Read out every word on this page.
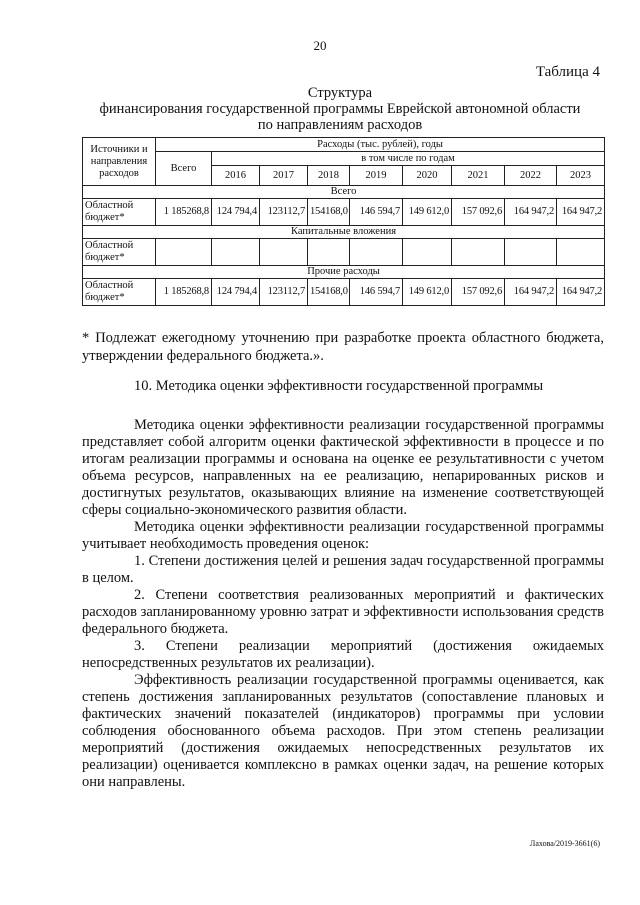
20
Таблица 4
Структура
финансирования государственной программы Еврейской автономной области
по направлениям расходов
Источники и направления расходов	Расходы (тыс. рублей), годы								
	Всего	в том числе по годам							
		2016	2017	2018	2019	2020	2021	2022	2023
Всего									
Областной бюджет*	1 185268,8	124 794,4	123112,7	154168,0	146 594,7	149 612,0	157 092,6	164 947,2	164 947,2
Капитальные вложения									
Областной бюджет*									
Прочие расходы									
Областной бюджет*	1 185268,8	124 794,4	123112,7	154168,0	146 594,7	149 612,0	157 092,6	164 947,2	164 947,2
* Подлежат ежегодному уточнению при разработке проекта областного бюджета, утверждении федерального бюджета.».
10. Методика оценки эффективности государственной программы

Методика оценки эффективности реализации государственной программы представляет собой алгоритм оценки фактической эффективности в процессе и по итогам реализации программы и основана на оценке ее результативности с учетом объема ресурсов, направленных на ее реализацию, непарированных рисков и достигнутых результатов, оказывающих влияние на изменение соответствующей сферы социально-экономического развития области.

Методика оценки эффективности реализации государственной программы учитывает необходимость проведения оценок:

1. Степени достижения целей и решения задач государственной программы в целом.

2. Степени соответствия реализованных мероприятий и фактических расходов запланированному уровню затрат и эффективности использования средств федерального бюджета.

3. Степени реализации мероприятий (достижения ожидаемых непосредственных результатов их реализации).

Эффективность реализации государственной программы оценивается, как степень достижения запланированных результатов (сопоставление плановых и фактических значений показателей (индикаторов) программы при условии соблюдения обоснованного объема расходов. При этом степень реализации мероприятий (достижения ожидаемых непосредственных результатов их реализации) оценивается комплексно в рамках оценки задач, на решение которых они направлены.

Лахова/2019-3661(6)
